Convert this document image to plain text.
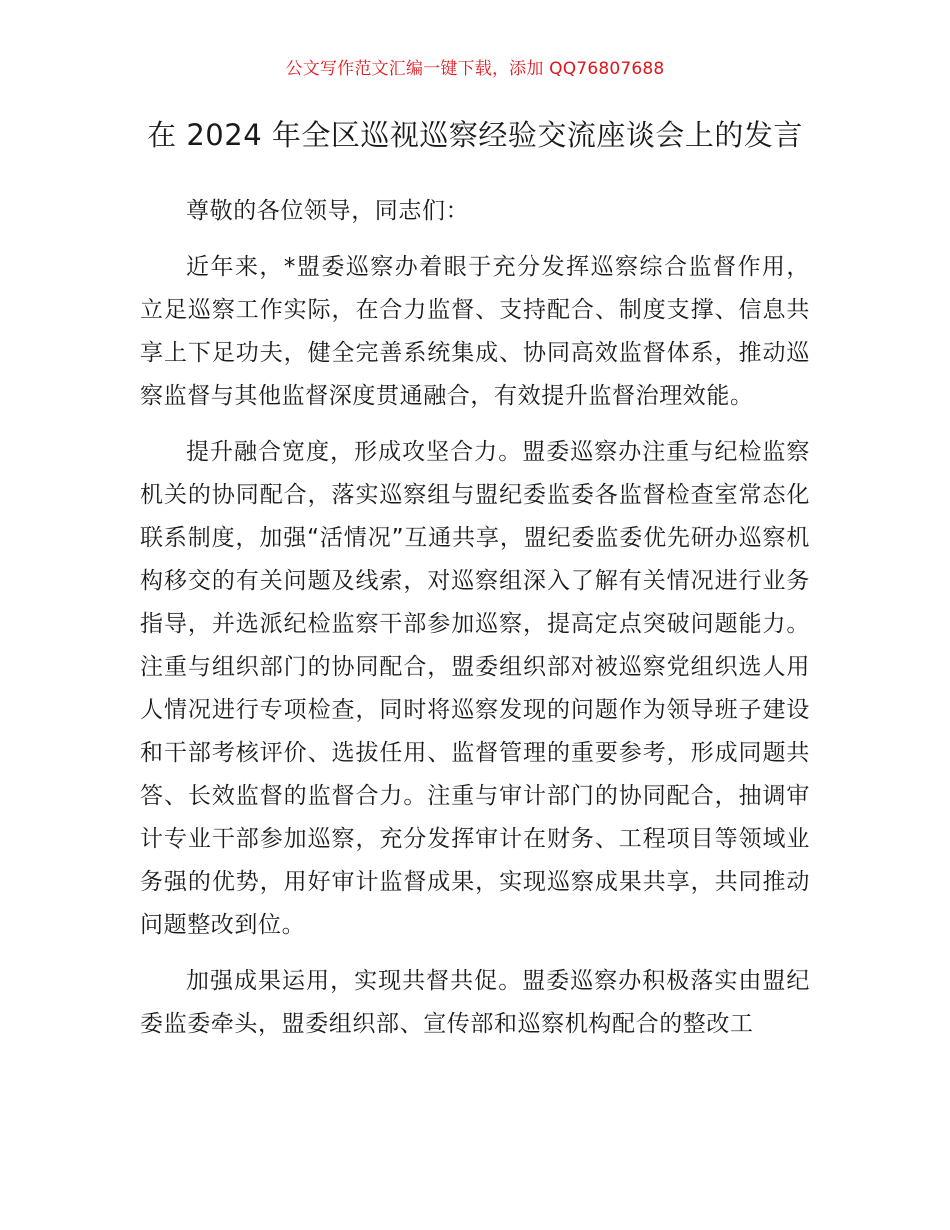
公文写作范文汇编一键下载，添加 QQ76807688
在 2024 年全区巡视巡察经验交流座谈会上的发言

尊敬的各位领导，同志们：

近年来，*盟委巡察办着眼于充分发挥巡察综合监督作用，立足巡察工作实际，在合力监督、支持配合、制度支撑、信息共享上下足功夫，健全完善系统集成、协同高效监督体系，推动巡察监督与其他监督深度贯通融合，有效提升监督治理效能。

提升融合宽度，形成攻坚合力。盟委巡察办注重与纪检监察机关的协同配合，落实巡察组与盟纪委监委各监督检查室常态化联系制度，加强“活情况”互通共享，盟纪委监委优先研办巡察机构移交的有关问题及线索，对巡察组深入了解有关情况进行业务指导，并选派纪检监察干部参加巡察，提高定点突破问题能力。注重与组织部门的协同配合，盟委组织部对被巡察党组织选人用人情况进行专项检查，同时将巡察发现的问题作为领导班子建设和干部考核评价、选拔任用、监督管理的重要参考，形成同题共答、长效监督的监督合力。注重与审计部门的协同配合，抽调审计专业干部参加巡察，充分发挥审计在财务、工程项目等领域业务强的优势，用好审计监督成果，实现巡察成果共享，共同推动问题整改到位。

加强成果运用，实现共督共促。盟委巡察办积极落实由盟纪委监委牵头，盟委组织部、宣传部和巡察机构配合的整改工
